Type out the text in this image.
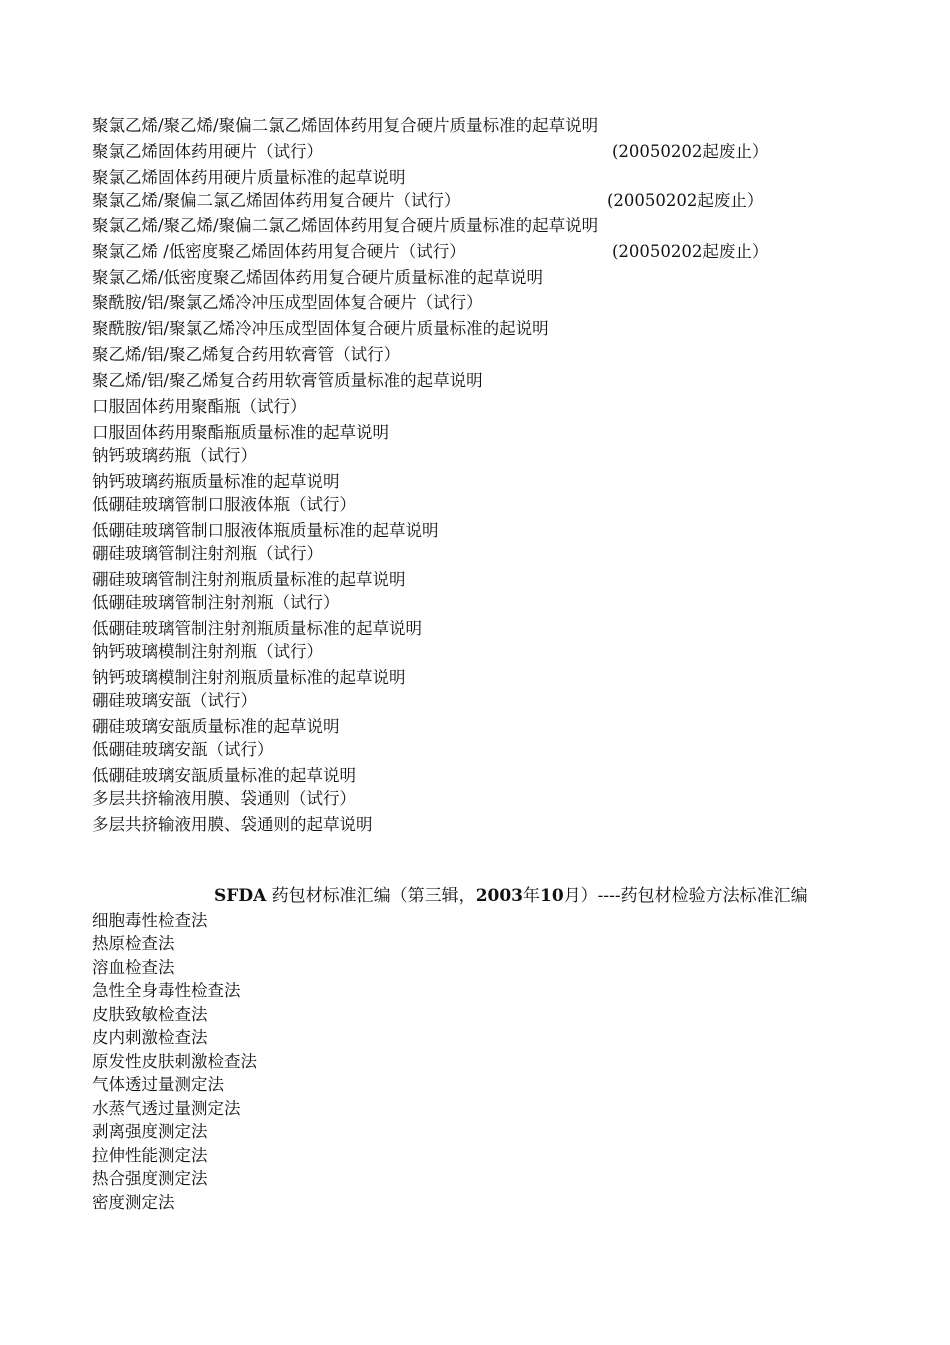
聚氯乙烯/聚乙烯/聚偏二氯乙烯固体药用复合硬片质量标准的起草说明

聚氯乙烯固体药用硬片（试行）	(20050202起废止）

聚氯乙烯固体药用硬片质量标准的起草说明

聚氯乙烯/聚偏二氯乙烯固体药用复合硬片（试行）	(20050202起废止）

聚氯乙烯/聚乙烯/聚偏二氯乙烯固体药用复合硬片质量标准的起草说明

聚氯乙烯 /低密度聚乙烯固体药用复合硬片（试行）	(20050202起废止）

聚氯乙烯/低密度聚乙烯固体药用复合硬片质量标准的起草说明

聚酰胺/铝/聚氯乙烯冷冲压成型固体复合硬片（试行）

聚酰胺/铝/聚氯乙烯冷冲压成型固体复合硬片质量标准的起说明

聚乙烯/铝/聚乙烯复合药用软膏管（试行）

聚乙烯/铝/聚乙烯复合药用软膏管质量标准的起草说明

口服固体药用聚酯瓶（试行）

口服固体药用聚酯瓶质量标准的起草说明

钠钙玻璃药瓶（试行）

钠钙玻璃药瓶质量标准的起草说明

低硼硅玻璃管制口服液体瓶（试行）

低硼硅玻璃管制口服液体瓶质量标准的起草说明

硼硅玻璃管制注射剂瓶（试行）

硼硅玻璃管制注射剂瓶质量标准的起草说明

低硼硅玻璃管制注射剂瓶（试行）

低硼硅玻璃管制注射剂瓶质量标准的起草说明

钠钙玻璃模制注射剂瓶（试行）

钠钙玻璃模制注射剂瓶质量标准的起草说明

硼硅玻璃安瓿（试行）

硼硅玻璃安瓿质量标准的起草说明

低硼硅玻璃安瓿（试行）

低硼硅玻璃安瓿质量标准的起草说明

多层共挤输液用膜、袋通则（试行）

多层共挤输液用膜、袋通则的起草说明

SFDA 药包材标准汇编（第三辑，2003年10月）----药包材检验方法标准汇编

细胞毒性检查法

热原检查法

溶血检查法

急性全身毒性检查法

皮肤致敏检查法

皮内刺激检查法

原发性皮肤刺激检查法

气体透过量测定法

水蒸气透过量测定法

剥离强度测定法

拉伸性能测定法

热合强度测定法

密度测定法
